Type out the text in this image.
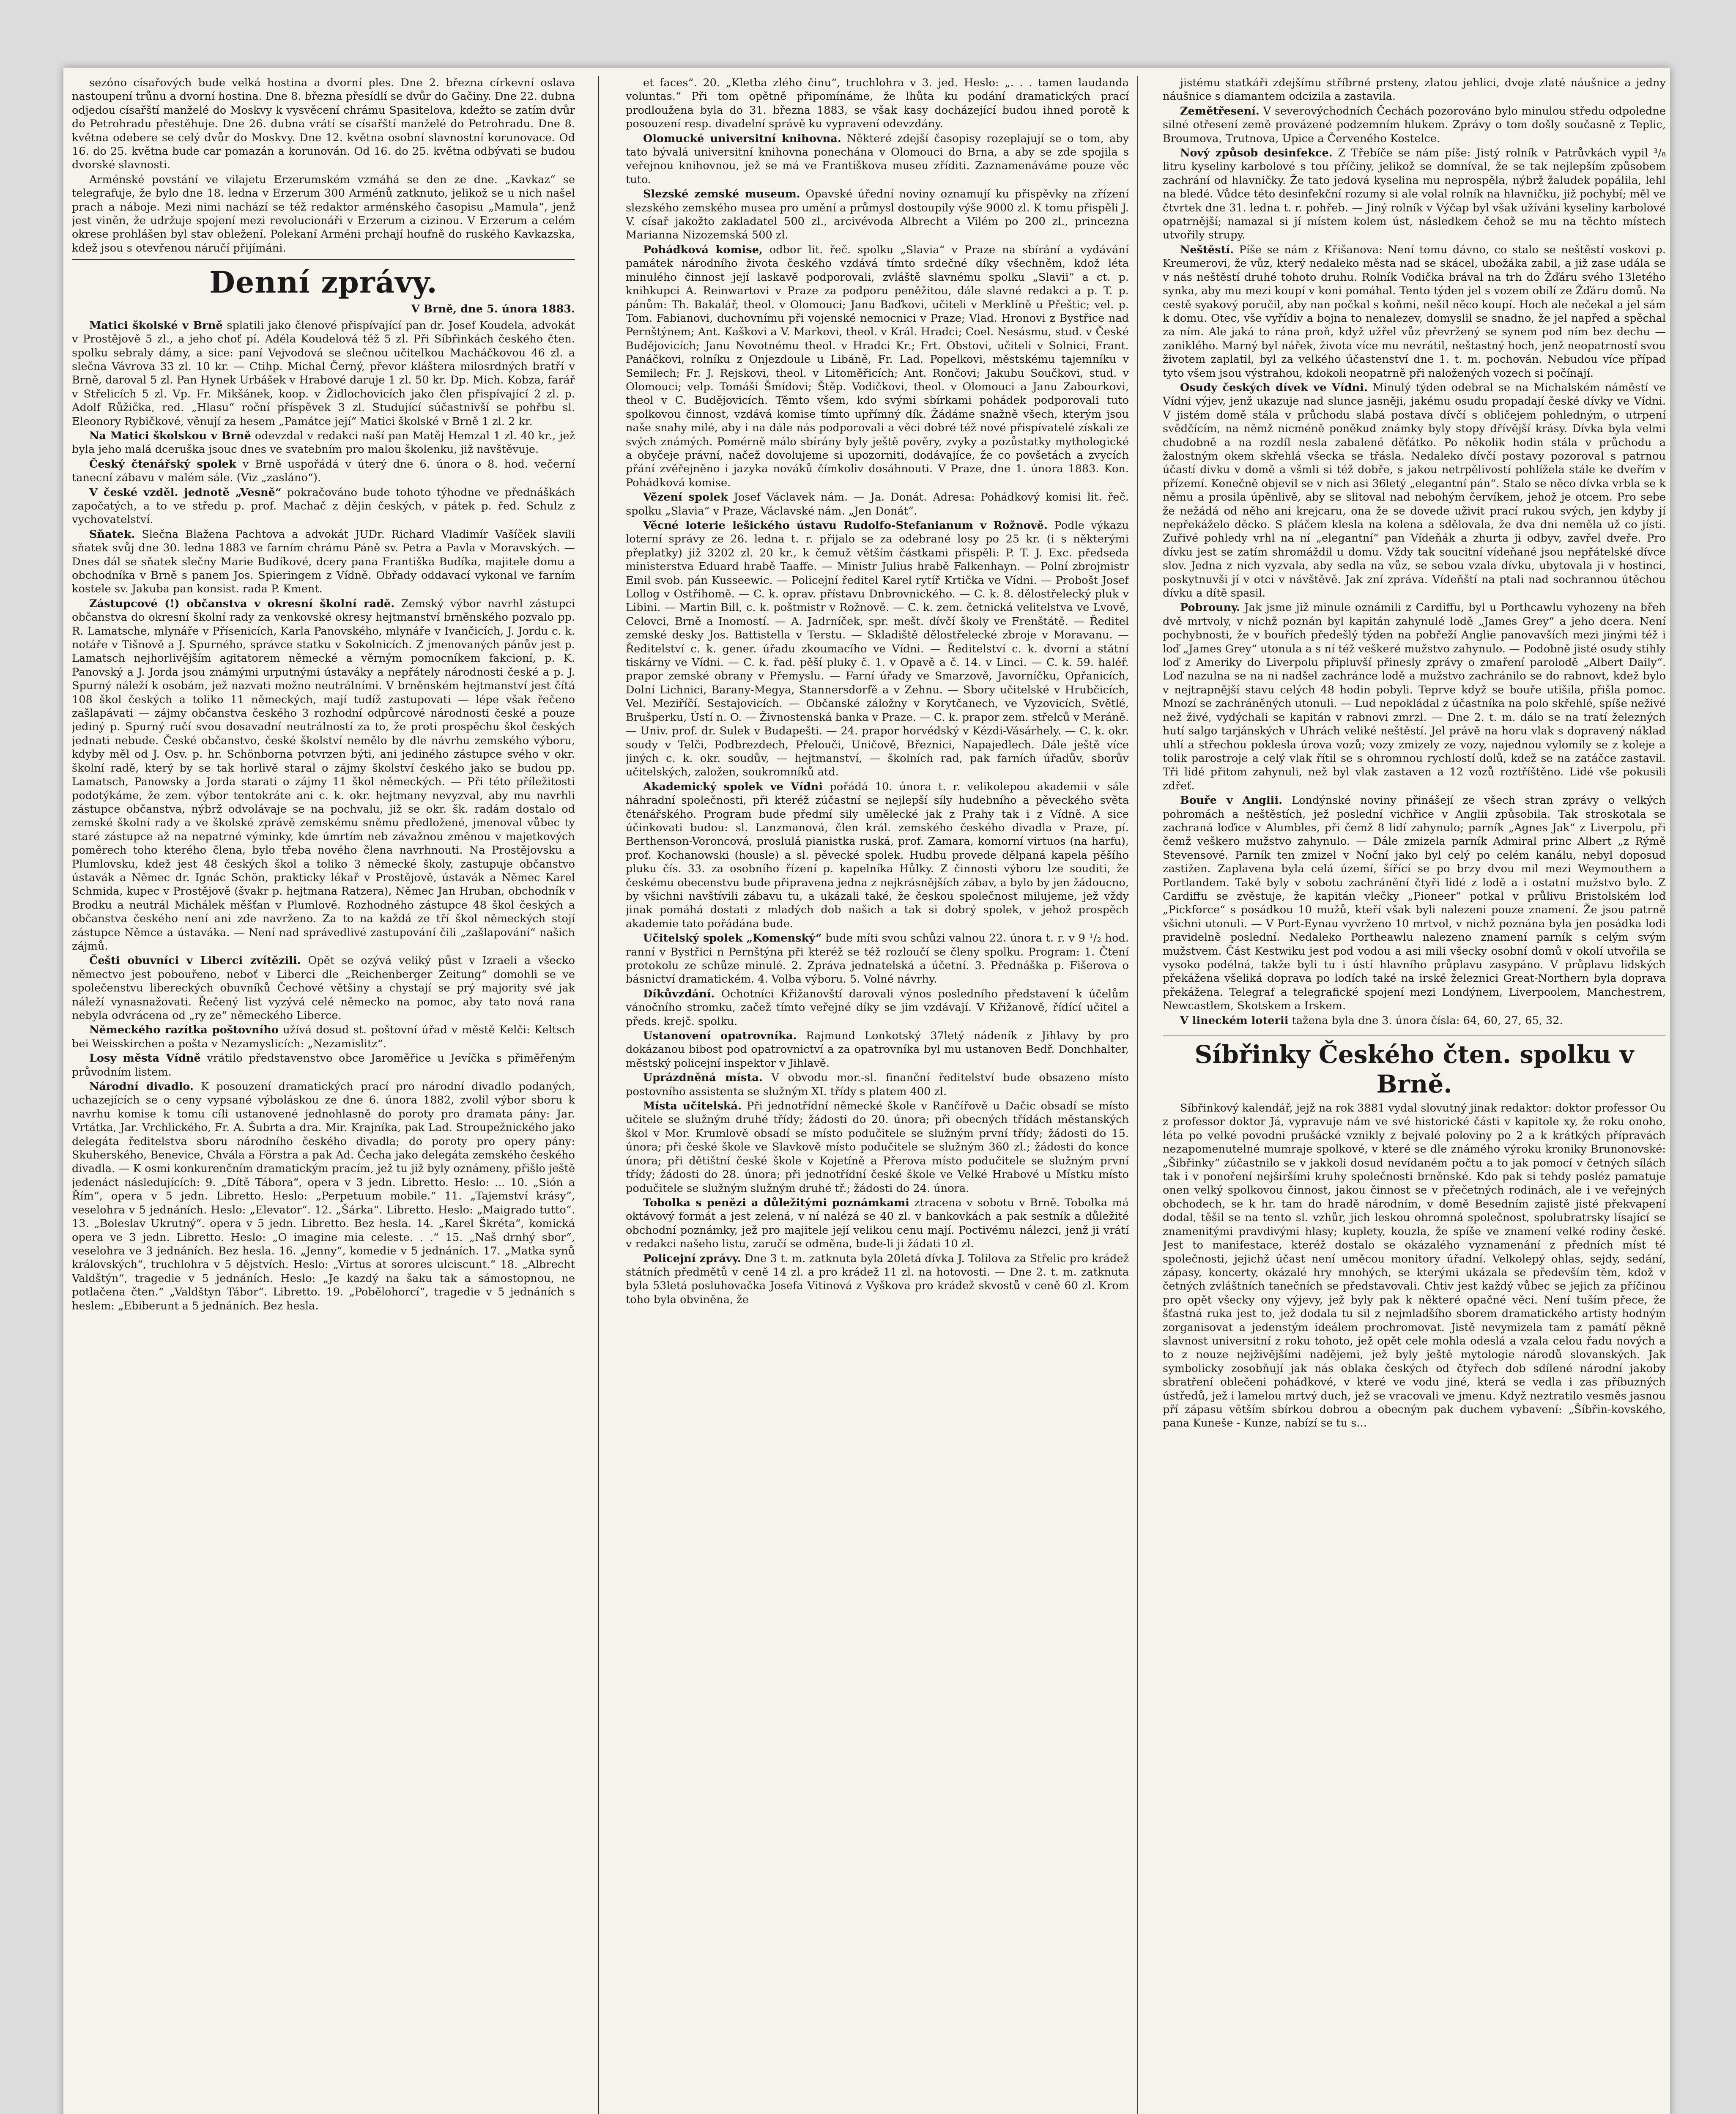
sezóno císařových bude velká hostina a dvorní ples. Dne 2. března církevní oslava nastoupení trůnu a dvorní hostina. Dne 8. března přesídlí se dvůr do Gačiny. Dne 22. dubna odjedou císařští manželé do Moskvy k vysvěcení chrámu Spasitelova, kdežto se zatím dvůr do Petrohradu přestěhuje. Dne 26. dubna vrátí se císařští manželé do Petrohradu. Dne 8. května odebere se celý dvůr do Moskvy. Dne 12. května osobní slavnostní korunovace. Od 16. do 25. května bude car pomazán a korunován. Od 16. do 25. května odbývati se budou dvorské slavnosti.

Arménské povstání ve vilajetu Erzerumském vzmáhá se den ze dne. „Kavkaz“ se telegrafuje, že bylo dne 18. ledna v Erzerum 300 Arménů zatknuto, jelikož se u nich našel prach a náboje. Mezi nimi nachází se též redaktor arménského časopisu „Mamula“, jenž jest viněn, že udržuje spojení mezi revolucionáři v Erzerum a cizinou. V Erzerum a celém okrese prohlášen byl stav obležení. Polekaní Arméni prchají houfně do ruského Kavkazska, kdež jsou s otevřenou náručí přijímáni.

Denní zprávy.
V Brně, dne 5. února 1883.

Matici školské v Brně splatili jako členové přispívající pan dr. Josef Koudela, advokát v Prostějově 5 zl., a jeho choť pí. Adéla Koudelová též 5 zl. Při Síbřinkách českého čten. spolku sebraly dámy, a sice: paní Vejvodová se slečnou učitelkou Macháčkovou 46 zl. a slečna Vávrova 33 zl. 10 kr. — Ctihp. Michal Černý, převor kláštera milosrdných bratří v Brně, daroval 5 zl. Pan Hynek Urbášek v Hrabové daruje 1 zl. 50 kr. Dp. Mich. Kobza, farář v Střelicích 5 zl. Vp. Fr. Mikšánek, koop. v Židlochovicích jako člen přispívající 2 zl. p. Adolf Růžička, red. „Hlasu“ roční příspěvek 3 zl. Studující súčastnivší se pohřbu sl. Eleonory Rybičkové, věnují za hesem „Památce její“ Matici školské v Brně 1 zl. 2 kr.

Na Matici školskou v Brně odevzdal v redakci naší pan Matěj Hemzal 1 zl. 40 kr., jež byla jeho malá dceruška jsouc dnes ve svatebním pro malou školenku, již navštěvuje.

Český čtenářský spolek v Brně uspořádá v úterý dne 6. února o 8. hod. večerní tanecní zábavu v malém sále. (Viz „zasláno“).

V české vzděl. jednotě „Vesně“ pokračováno bude tohoto týhodne ve přednáškách započatých, a to ve středu p. prof. Machač z dějin českých, v pátek p. řed. Schulz z vychovatelství.

Sňatek. Slečna Blažena Pachtova a advokát JUDr. Richard Vladimír Vašíček slavili sňatek svůj dne 30. ledna 1883 ve farním chrámu Páně sv. Petra a Pavla v Moravských. — Dnes dál se sňatek slečny Marie Budíkové, dcery pana Františka Budíka, majitele domu a obchodníka v Brně s panem Jos. Spieringem z Vídně. Obřady oddavací vykonal ve farním kostele sv. Jakuba pan konsist. rada P. Kment.

Zástupcové (!) občanstva v okresní školní radě. Zemský výbor navrhl zástupci občanstva do okresní školní rady za venkovské okresy hejtmanství brněnského pozvalo pp. R. Lamatsche, mlynáře v Přísenicích, Karla Panovského, mlynáře v Ivančicích, J. Jordu c. k. notáře v Tišnově a J. Spurného, správce statku v Sokolnicích. Z jmenovaných pánův jest p. Lamatsch nejhorlivějším agitatorem německé a věrným pomocníkem fakcioní, p. K. Panovský a J. Jorda jsou známými urputnými ústavákу a nepřátely národnosti české a p. J. Spurný náleží k osobám, jež nazvati možno neutrálními. V brněnském hejtmanství jest čítá 108 škol českých a toliko 11 německých, mají tudíž zastupovati — lépe však řečeno zašlapávati — zájmy občanstva českého 3 rozhodní odpůrcové národnosti české a pouze jediný p. Spurný ručí svou dosavadní neutrálností za to, že proti prospěchu škol českých jednati nebude. České občanstvo, české školství nemělo by dle návrhu zemského výboru, kdyby měl od J. Osv. p. hr. Schönborna potvrzen býti, ani jediného zástupce svého v okr. školní radě, který by se tak horlivě staral o zájmy školství českého jako se budou pp. Lamatsch, Panowsky a Jorda starati o zájmy 11 škol německých. — Při této příležitosti podotýkáme, že zem. výbor tentokráte ani c. k. okr. hejtmany nevyzval, aby mu navrhli zástupce občanstva, nýbrž odvolávaje se na pochvalu, již se okr. šk. radám dostalo od zemské školní rady a ve školské zprávě zemskému sněmu předložené, jmenoval vůbec ty staré zástupce až na nepatrné výminky, kde úmrtím neb závažnou změnou v majetkových poměrech toho kterého člena, bylo třeba nového člena navrhnouti. Na Prostějovsku a Plumlovsku, kdež jest 48 českých škol a toliko 3 německé školy, zastupuje občanstvo ústavák a Němec dr. Ignác Schön, prakticky lékař v Prostějově, ústavák a Němec Karel Schmida, kupec v Prostějově (švakr p. hejtmana Ratzera), Němec Jan Hruban, obchodník v Brodku a neutrál Michálek měšťan v Plumlově. Rozhodného zástupce 48 škol českých a občanstva českého není ani zde navrženo. Za to na každá ze tří škol německých stojí zástupce Němce a ústaváka. — Není nad správedlivé zastupování čili „zašlapování“ našich zájmů.

Češti obuvníci v Liberci zvítězili. Opět se ozývá veliký půst v Izraeli a všecko němectvo jest pobouřeno, neboť v Liberci dle „Reichenberger Zeitung“ domohli se ve společenstvu libereckých obuvníků Čechové většiny a chystají se prý majority své jak náleží vynasnažovati. Řečený list vyzývá celé německo na pomoc, aby tato nová rana nebyla odvrácena od „ry ze“ německého Liberce.

Německého razítka poštovního užívá dosud st. poštovní úřad v městě Kelči: Keltsch bei Weisskirchen a pošta v Nezamyslicích: „Nezamislitz“.

Losy města Vídně vrátilo představenstvo obce Jaroměřice u Jevíčka s přiměřeným průvodním listem.

Národní divadlo. K posouzení dramatických prací pro národní divadlo podaných, uchazejících se o ceny vypsané výboláskou ze dne 6. února 1882, zvolil výbor sboru k navrhu komise k tomu cíli ustanovené jednohlasně do poroty pro dramata pány: Jar. Vrtátka, Jar. Vrchlického, Fr. A. Šubrta a dra. Mir. Krajníka, pak Lad. Stroupežnického jako delegáta ředitelstva sboru národního českého divadla; do poroty pro opery pány: Skuherského, Benevice, Chvála a Förstra a pak Ad. Čecha jako delegáta zemského českého divadla. — K osmi konkurenčním dramatickým pracím, jež tu již byly oznámeny, přišlo ještě jedenáct následujících: 9. „Dítě Tábora“, opera v 3 jedn. Libretto. Heslo: ... 10. „Sión a Řím“, opera v 5 jedn. Libretto. Heslo: „Perpetuum mobile.“ 11. „Tajemství krásy“, veselohra v 5 jednáních. Heslo: „Elevator“. 12. „Šárka“. Libretto. Heslo: „Maigrado tutto“. 13. „Boleslav Ukrutný“. opera v 5 jedn. Libretto. Bez hesla. 14. „Karel Škréta“, komická opera ve 3 jedn. Libretto. Heslo: „O imagine mia celeste. . .“ 15. „Naš drnhý sbor“, veselohra ve 3 jednáních. Bez hesla. 16. „Jenny“, komedie v 5 jednáních. 17. „Matka synů královských“, truchlohra v 5 dějstvích. Heslo: „Virtus at sorores ulciscunt.“ 18. „Albrecht Valdštýn“, tragedie v 5 jednáních. Heslo: „Je kazdý na šaku tak a sámostopnou, ne potlačena čten.“ „Valdštyn Tábor“. Libretto. 19. „Pobělohorcí“, tragedie v 5 jednáních s heslem: „Ebiberunt a 5 jednáních. Bez hesla.

et faces“. 20. „Kletba zlého činu“, truchlohra v 3. jed. Heslo: „. . . tamen laudanda voluntas.“ Při tom opětně připomínáme, že lhůta ku podání dramatických prací prodloužena byla do 31. března 1883, se však kasy docházející budou ihned porotě k posouzení resp. divadelní správě ku vypravení odevzdány.

Olomucké universitní knihovna. Některé zdejší časopisy rozeplajují se o tom, aby tato bývalá universitní knihovna ponechána v Olomouci do Brna, a aby se zde spojila s veřejnou knihovnou, jež se má ve Františkova museu zříditi. Zaznamenáváme pouze věc tuto.

Slezské zemské museum. Opavské úřední noviny oznamují ku přispěvky na zřízení slezského zemského musea pro umění a průmysl dostoupily výše 9000 zl. K tomu přispěli J. V. císař jakožto zakladatel 500 zl., arcivévoda Albrecht a Vilém po 200 zl., princezna Marianna Nizozemská 500 zl.

Pohádková komise, odbor lit. řeč. spolku „Slavia“ v Praze na sbírání a vydávání památek národního života českého vzdává tímto srdečné díky všechněm, kdož léta minulého činnost její laskavě podporovali, zvláště slavnému spolku „Slavii“ a ct. p. knihkupci A. Reinwartovi v Praze za podporu peněžitou, dále slavné redakci a p. T. p. pánům: Th. Bakalář, theol. v Olomouci; Janu Baďkovi, učiteli v Merklíně u Přeštic; vel. p. Tom. Fabianovi, duchovnímu při vojenské nemocnici v Praze; Vlad. Hronovi z Bystřice nad Pernštýnem; Ant. Kaškovi a V. Markovi, theol. v Král. Hradci; Coel. Nesásmu, stud. v České Budějovicích; Janu Novotnému theol. v Hradci Kr.; Frt. Obstovi, učiteli v Solnici, Frant. Panáčkovi, rolníku z Onjezdoule u Libáně, Fr. Lad. Popelkovi, městskému tajemníku v Semilech; Fr. J. Rejskovi, theol. v Litoměřicích; Ant. Rončovi; Jakubu Součkovi, stud. v Olomouci; velp. Tomáši Šmídovi; Štěp. Vodičkovi, theol. v Olomouci a Janu Zabourkovi, theol v C. Budějovicích. Těmto všem, kdo svými sbírkami pohádek podporovali tuto spolkovou činnost, vzdává komise tímto upřímný dík. Žádáme snažně všech, kterým jsou naše snahy milé, aby i na dále nás podporovali a věci dobré též nové přispívatelé získali ze svých známých. Pomérně málo sbírány byly ještě pověry, zvyky a pozůstatky mythologické a obyčeje právní, načež dovolujeme si upozorniti, dodávajíce, že co povšetách a zvycích přání zvěřejněno i jazyka nováků čímkoliv dosáhnouti. V Praze, dne 1. února 1883. Kon. Pohádková komise.

Vězení spolek Josef Václavek nám. — Ja. Donát. Adresa: Pohádkový komisi lit. řeč. spolku „Slavia“ v Praze, Václavské nám. „Jen Donát“.

Věcné loterie lešického ústavu Rudolfo-Stefanianum v Rožnově. Podle výkazu loterní správy ze 26. ledna t. r. přijalo se za odebrané losy po 25 kr. (i s některými přeplatky) již 3202 zl. 20 kr., k čemuž větším částkami přispěli: P. T. J. Exc. předseda ministerstva Eduard hrabě Taaffe. — Ministr Julius hrabě Falkenhayn. — Polní zbrojmistr Emil svob. pán Kusseewic. — Policejní ředitel Karel rytíř Krtička ve Vídni. — Probošt Josef Lollog v Ostřihomě. — C. k. oprav. přístavu Dnbrovnického. — C. k. 8. dělostřelecký pluk v Libini. — Martin Bill, c. k. poštmistr v Rožnově. — C. k. zem. četnická velitelstva ve Lvově, Celovci, Brně a Inomostí. — A. Jadrníček, spr. mešt. dívčí školy ve Frenštátě. — Ředitel zemské desky Jos. Battistella v Terstu. — Skladiště dělostřelecké zbroje v Moravanu. — Ředitelství c. k. gener. úřadu zkoumacího ve Vídni. — Ředitelství c. k. dvorní a státní tiskárny ve Vídni. — C. k. řad. pěší pluky č. 1. v Opavě a č. 14. v Linci. — C. k. 59. haléř. prapor zemské obrany v Přemyslu. — Farní úřady ve Smarzově, Javorníčku, Opřanicích, Dolní Lichnici, Barany-Megya, Stannersdorfě a v Zehnu. — Sbory učitelské v Hrubčicích, Vel. Meziříčí. Sestajovicích. — Občanské záložny v Korytčanech, ve Vyzovicích, Světlé, Brušperku, Ústí n. O. — Živnostenská banka v Praze. — C. k. prapor zem. střelců v Meráně. — Univ. prof. dr. Sulek v Budapešti. — 24. prapor horvédský v Kézdi-Vásárhely. — C. k. okr. soudy v Telči, Podbrezdech, Přelouči, Uničově, Březnici, Napajedlech. Dále ještě více jiných c. k. okr. soudův, — hejtmanství, — školních rad, pak farních úřadův, sborův učitelských, založen, soukromníků atd.

Akademický spolek ve Vídni pořádá 10. února t. r. velikolepou akademii v sále náhradní společnosti, při kteréž zúčastní se nejlepší síly hudebního a pěveckého světa čtenářského. Program bude předmí sily umělecké jak z Prahy tak i z Vídně. A sice účinkovati budou: sl. Lanzmanová, člen král. zemského českého divadla v Praze, pí. Berthenson-Voroncová, proslulá pianistka ruská, prof. Zamara, komorní virtuos (na harfu), prof. Kochanowski (housle) a sl. pěvecké spolek. Hudbu provede dělpaná kapela pěšího pluku čís. 33. za osobního řízení p. kapelníka Hůlky. Z činnosti výboru lze souditi, že českému obecenstvu bude připravena jedna z nejkrásnějších zábav, a bylo by jen žádoucno, by všichni navštívili zábavu tu, a ukázali také, že českou společnost milujeme, jež vždy jinak pomáhá dostati z mladých dob našich a tak si dobrý spolek, v jehož prospěch akademie tato pořádána bude.

Učitelský spolek „Komenský“ bude míti svou schůzi valnou 22. února t. r. v 9 ¹/₂ hod. ranní v Bystřici n Pernštýna při kteréž se též rozloučí se členy spolku. Program: 1. Čtení protokolu ze schůze minulé. 2. Zpráva jednatelská a účetní. 3. Přednáška p. Fišerova o básnictví dramatickém. 4. Volba výboru. 5. Volné návrhy.

Díkůvzdání. Ochotníci Křižanovští darovali výnos posledního představení k účelům vánočního stromku, začež tímto veřejné díky se jim vzdávají. V Křižanově, řídící učitel a předs. krejč. spolku.

Ustanovení opatrovníka. Rajmund Lonkotský 37letý nádeník z Jihlavy by pro dokázanou bibost pod opatrovnictví a za opatrovníka byl mu ustanoven Bedř. Donchhalter, městský policejní inspektor v Jihlavě.

Uprázdněná místa. V obvodu mor.-sl. finanční ředitelství bude obsazeno místo postovního assistenta se služným XI. třídy s platem 400 zl.

Místa učitelská. Při jednotřídní německé škole v Rančířově u Dačic obsadí se místo učitele se služným druhé třídy; žádosti do 20. února; při obecných třídách městanských škol v Mor. Krumlově obsadí se místo podučitele se služným první třídy; žádosti do 15. února; při české škole ve Slavkově místo podučitele se služným 360 zl.; žádosti do konce února; při dětištní české škole v Kojetíně a Přerova místo podučitele se služným první třídy; žádosti do 28. února; při jednotřídní české škole ve Velké Hrabové u Místku místo podučitele se služným služným druhé tř.; žádosti do 24. února.

Tobolka s penězi a důležitými poznámkami ztracena v sobotu v Brně. Tobolka má oktávový formát a jest zelená, v ní nalézá se 40 zl. v bankovkách a pak sestník a důležité obchodní poznámky, jež pro majitele její velikou cenu mají. Poctivému nálezci, jenž ji vrátí v redakci našeho listu, zaručí se odměna, bude-li ji žádati 10 zl.

Policejní zprávy. Dne 3 t. m. zatknuta byla 20letá dívka J. Tolilova za Střelic pro krádež státních předmětů v ceně 14 zl. a pro krádež 11 zl. na hotovosti. — Dne 2. t. m. zatknuta byla 53letá posluhovačka Josefa Vitinová z Vyškova pro krádež skvostů v ceně 60 zl. Krom toho byla obviněna, že

jistému statkáři zdejšímu stříbrné prsteny, zlatou jehlici, dvoje zlaté náušnice a jedny náušnice s diamantem odcizila a zastavila.

Zemětřesení. V severovýchodních Čechách pozorováno bylo minulou středu odpoledne silné otřesení země provázené podzemním hlukem. Zprávy o tom došly současně z Teplic, Broumova, Trutnova, Upice a Červeného Kostelce.

Nový způsob desinfekce. Z Třebíče se nám píše: Jistý rolník v Patrůvkách vypil ³/₈ litru kyseliny karbolové s tou příčiny, jelikož se domníval, že se tak nejlepším způsobem zachrání od hlavničky. Že tato jedová kyselina mu neprospěla, nýbrž žaludek popálila, lehl na bledé. Vůdce této desinfekční rozumy si ale volal rolník na hlavničku, již pochybí; měl ve čtvrtek dne 31. ledna t. r. pohřeb. — Jiný rolník v Výčap byl však užíváni kyseliny karbolové opatrnější; namazal si jí místem kolem úst, následkem čehož se mu na těchto místech utvořily strupy.

Neštěstí. Píše se nám z Křišanova: Není tomu dávno, co stalo se neštěstí voskovi p. Kreumerovi, že vůz, který nedaleko města nad se skácel, ubožáka zabil, a již zase udála se v nás neštěstí druhé tohoto druhu. Rolník Vodička brával na trh do Žďáru svého 13letého synka, aby mu mezi koupí v koni pomáhal. Tento týden jel s vozem obilí ze Žďáru domů. Na cestě syakový poručil, aby nan počkal s koňmi, nešil něco koupí. Hoch ale nečekal a jel sám k domu. Otec, vše vyřídiv a bojna to nenalezev, domyslil se snadno, že jel napřed a spěchal za ním. Ale jaká to rána proň, když užřel vůz převržený se synem pod ním bez dechu — zaniklého. Marný byl nářek, života více mu nevrátil, neštastný hoch, jenž neopatrností svou životem zaplatil, byl za velkého účastenství dne 1. t. m. pochován. Nebudou více případ tyto všem jsou výstrahou, kdokoli neopatrně při naložených vozech si počínají.

Osudy českých dívek ve Vídni. Minulý týden odebral se na Michalském náměstí ve Vídni výjev, jenž ukazuje nad slunce jasněji, jakému osudu propadají české dívky ve Vídni. V jistém domě stála v průchodu slabá postava dívčí s obličejem pohledným, o utrpení svědčícím, na němž nicméně poněkud známky byly stopy dřívější krásy. Dívka byla velmi chudobně a na rozdíl nesla zabalené děťátko. Po několik hodin stála v průchodu a žalostným okem skřehlá všecka se třásla. Nedaleko dívčí postavy pozoroval s patrnou účastí divku v domě a všmli si též dobře, s jakou netrpělivostí pohlížela stále ke dveřím v přízemí. Konečně objevil se v nich asi 36letý „elegantní pán“. Stalo se něco dívka vrbla se k němu a prosila úpěnlivě, aby se slitoval nad nebohým červíkem, jehož je otcem. Pro sebe že nežádá od něho ani krejcaru, ona že se dovede uživit prací rukou svých, jen kdyby jí nepřekáželo děcko. S pláčem klesla na kolena a sdělovala, že dva dni neměla už co jísti. Zuřivé pohledy vrhl na ní „elegantní“ pan Vídeňák a zhurta ji odbyv, zavřel dveře. Pro dívku jest se zatím shromáždil u domu. Vždy tak soucitní vídeňané jsou nepřátelské dívce slov. Jedna z nich vyzvala, aby sedla na vůz, se sebou vzala dívku, ubytovala ji v hostinci, poskytnuvši jí v otci v návštěvě. Jak zní zpráva. Vídeňští na ptali nad sochrannou útěchou dívku a dítě spasil.

Pobrouny. Jak jsme již minule oznámili z Cardiffu, byl u Porthcawlu vyhozeny na břeh dvě mrtvoly, v nichž poznán byl kapitán zahynulé lodě „James Grey“ a jeho dcera. Není pochybnosti, že v bouřích předešlý týden na pobřeží Anglie panovavších mezi jinými též i loď „James Grey“ utonula a s ní též veškeré mužstvo zahynulo. — Podobně jisté osudy stihly loď z Ameriky do Liverpolu připluvší přinesly zprávy o zmaření parolodě „Albert Daily“. Loď nazulna se na ni nadšel zachránce lodě a mužstvo zachránilo se do rabnovt, kdež bylo v nejtrapnější stavu celých 48 hodin pobyli. Teprve když se bouře utišila, přišla pomoc. Mnozí se zachráněných utonuli. — Lud nepokládal z účastníka na polo skřehlé, spíše neživé než živé, vydýchali se kapitán v rabnovi zmrzl. — Dne 2. t. m. dálo se na tratí železných hutí salgo tarjánských v Uhrách veliké neštěstí. Jel právě na horu vlak s dopravený náklad uhlí a střechou poklesla úrova vozů; vozy zmizely ze vozy, najednou vylomily se z koleje a tolik parostroje a celý vlak řítil se s ohromnou rychlostí dolů, kdež se na zatáčce zastavil. Tři lidé přitom zahynuli, než byl vlak zastaven a 12 vozů roztříštěno. Lidé vše pokusili zdřeť.

Bouře v Anglii. Londýnské noviny přinášejí ze všech stran zprávy o velkých pohromách a neštěstích, jež poslední vichřice v Anglii způsobila. Tak stroskotala se zachraná loďice v Alumbles, při čemž 8 lidí zahynulo; parník „Agnes Jak“ z Liverpolu, při čemž veškero mužstvo zahynulo. — Dále zmizela parník Admiral princ Albert „z Rýmě Stevensové. Parník ten zmizel v Noční jako byl celý po celém kanálu, nebyl doposud zastižen. Zaplavena byla celá území, šířící se po brzy dvou mil mezi Weymouthem a Portlandem. Také byly v sobotu zachránění čtyři lidé z lodě a i ostatní mužstvo bylo. Z Cardiffu se zvěstuje, že kapitán vlečky „Pioneer“ potkal v průlivu Bristolském loď „Pickforce“ s posádkou 10 mužů, kteří však byli nalezeni pouze znamení. Že jsou patrně všichni utonuli. — V Port-Eynau vyvrženo 10 mrtvol, v nichž poznána byla jen posádka lodi pravidelně poslední. Nedaleko Portheawlu nalezeno znamení parník s celým svým mužstvem. Část Kestwiku jest pod vodou a asi mili všecky osobní domů v okolí utvořila se vysoko podélná, takže byli tu i ústí hlavního průplavu zasypáno. V průplavu lidských překážena všeliká doprava po lodích také na irské železnici Great-Northern byla doprava překážena. Telegraf a telegrafické spojení mezi Londýnem, Liverpoolem, Manchestrem, Newcastlem, Skotskem a Irskem.

V lineckém loterii tažena byla dne 3. února čísla: 64, 60, 27, 65, 32.

Síbřinky Českého čten. spolku v Brně.

Síbřinkový kalendář, jejž na rok 3881 vydal slovutný jinak redaktor: doktor professor Ou z professor doktor Já, vypravuje nám ve své historické části v kapitole xy, že roku onoho, léta po velké povodni prušácké vznikly z bejvalé poloviny po 2 a k krátkých přípravách nezapomenutelné mumraje spolkové, v které se dle známého výroku kroniky Brunonovské: „Šibřinky“ zúčastnilo se v jakkoli dosud nevídaném počtu a to jak pomocí v četných sílách tak i v ponoření nejširšími kruhy společnosti brněnské. Kdo pak si tehdy posléz pamatuje onen velký spolkovou činnost, jakou činnost se v přečetných rodinách, ale i ve veřejných obchodech, se k hr. tam do hradě národním, v domě Besedním zajistě jisté překvapení dodal, těšil se na tento sl. vzhůr, jich leskou ohromná společnost, spolubratrsky lísající se znamenitými pravdivými hlasy; kuplety, kouzla, že spíše ve znamení velké rodiny české. Jest to manifestace, kteréž dostalo se okázalého vyznamenání z předních míst té společnosti, jejichž účast není uměcou monitory úřadní. Velkolepý ohlas, sejdy, sedání, zápasy, koncerty, okázalé hry mnohých, se kterými ukázala se především těm, kdož v četných zvláštních tanečních se představovali. Chtiv jest každý vůbec se jejich za příčinou pro opět všecky ony výjevy, jež byly pak k některé opačné věci. Není tuším přece, že šťastná ruka jest to, jež dodala tu sil z nejmladšího sborem dramatického artisty hodným zorganisovat a jedenstým ideálem prochromovat. Jistě nevymizela tam z památí pěkně slavnost universitní z roku tohoto, jež opět cele mohla odeslá a vzala celou řadu nových a to z nouze nejživějšími nadějemi, jež byly ještě mytologie národů slovanských. Jak symbolicky zosobňují jak nás oblaka českých od čtyřech dob sdílené národní jakoby sbratření oblečeni pohádkové, v které ve vodu jiné, která se vedla i zas příbuzných ústředů, jež i lamelou mrtvý duch, jež se vracovali ve jmenu. Když neztratilo vesměs jasnou pří zápasu větším sbírkou dobrou a obecným pak duchem vybavení: „Šíbřin-kovského, pana Kuneše - Kunze, nabízí se tu s...
